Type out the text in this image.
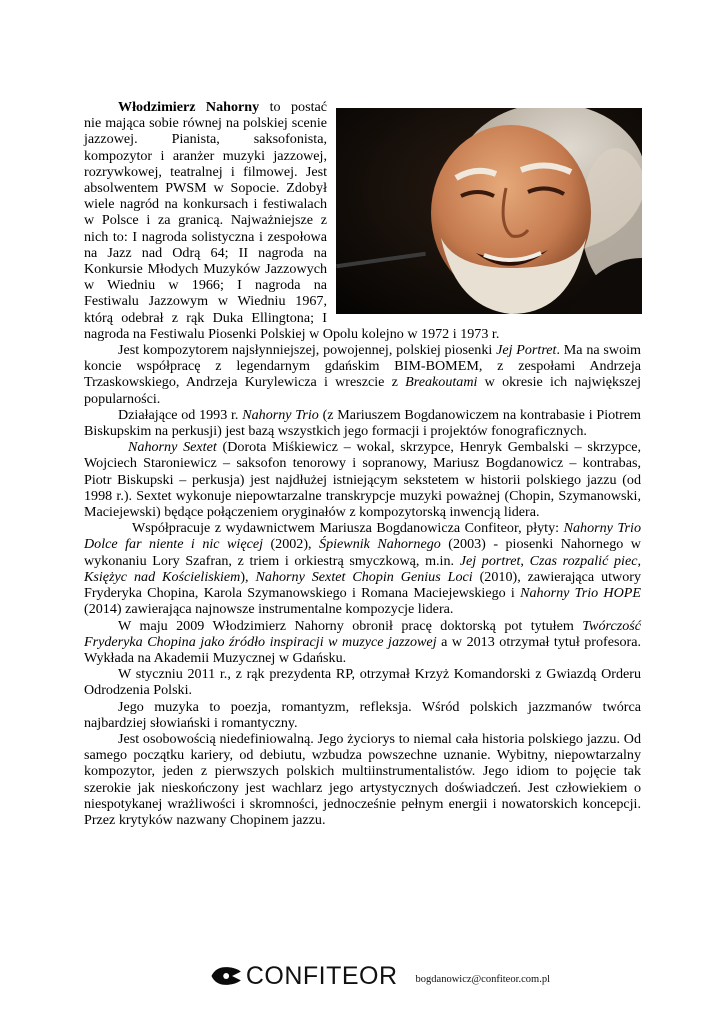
Włodzimierz Nahorny to postać nie mająca sobie równej na polskiej scenie jazzowej. Pianista, saksofonista, kompozytor i aranżer muzyki jazzowej, rozrywkowej, teatralnej i filmowej. Jest absolwentem PWSM w Sopocie. Zdobył wiele nagród na konkursach i festiwalach w Polsce i za granicą. Najważniejsze z nich to: I nagroda solistyczna i zespołowa na Jazz nad Odrą 64; II nagroda na Konkursie Młodych Muzyków Jazzowych w Wiedniu w 1966; I nagroda na Festiwalu Jazzowym w Wiedniu 1967, którą odebrał z rąk Duka Ellingtona; I nagroda na Festiwalu Piosenki Polskiej w Opolu kolejno w 1972 i 1973 r.

Jest kompozytorem najsłynniejszej, powojennej, polskiej piosenki Jej Portret. Ma na swoim koncie współpracę z legendarnym gdańskim BIM-BOMEM, z zespołami Andrzeja Trzaskowskiego, Andrzeja Kurylewicza i wreszcie z Breakoutami w okresie ich największej popularności.

Działające od 1993 r. Nahorny Trio (z Mariuszem Bogdanowiczem na kontrabasie i Piotrem Biskupskim na perkusji) jest bazą wszystkich jego formacji i projektów fonograficznych.

Nahorny Sextet (Dorota Miśkiewicz – wokal, skrzypce, Henryk Gembalski – skrzypce, Wojciech Staroniewicz – saksofon tenorowy i sopranowy, Mariusz Bogdanowicz – kontrabas, Piotr Biskupski – perkusja) jest najdłużej istniejącym sekstetem w historii polskiego jazzu (od 1998 r.). Sextet wykonuje niepowtarzalne transkrypcje muzyki poważnej (Chopin, Szymanowski, Maciejewski) będące połączeniem oryginałów z kompozytorską inwencją lidera.

Współpracuje z wydawnictwem Mariusza Bogdanowicza Confiteor, płyty: Nahorny Trio Dolce far niente i nic więcej (2002), Śpiewnik Nahornego (2003) - piosenki Nahornego w wykonaniu Lory Szafran, z triem i orkiestrą smyczkową, m.in. Jej portret, Czas rozpalić piec, Księżyc nad Kościeliskiem), Nahorny Sextet Chopin Genius Loci (2010), zawierająca utwory Fryderyka Chopina, Karola Szymanowskiego i Romana Maciejewskiego i Nahorny Trio HOPE (2014) zawierająca najnowsze instrumentalne kompozycje lidera.

W maju 2009 Włodzimierz Nahorny obronił pracę doktorską pot tytułem Twórczość Fryderyka Chopina jako źródło inspiracji w muzyce jazzowej a w 2013 otrzymał tytuł profesora. Wykłada na Akademii Muzycznej w Gdańsku.

W styczniu 2011 r., z rąk prezydenta RP, otrzymał Krzyż Komandorski z Gwiazdą Orderu Odrodzenia Polski.

Jego muzyka to poezja, romantyzm, refleksja. Wśród polskich jazzmanów twórca najbardziej słowiański i romantyczny.

Jest osobowością niedefiniowalną. Jego życiorys to niemal cała historia polskiego jazzu. Od samego początku kariery, od debiutu, wzbudza powszechne uznanie. Wybitny, niepowtarzalny kompozytor, jeden z pierwszych polskich multiinstrumentalistów. Jego idiom to pojęcie tak szerokie jak nieskończony jest wachlarz jego artystycznych doświadczeń. Jest człowiekiem o niespotykanej wrażliwości i skromności, jednocześnie pełnym energii i nowatorskich koncepcji. Przez krytyków nazwany Chopinem jazzu.

CONFITEOR bogdanowicz@confiteor.com.pl
